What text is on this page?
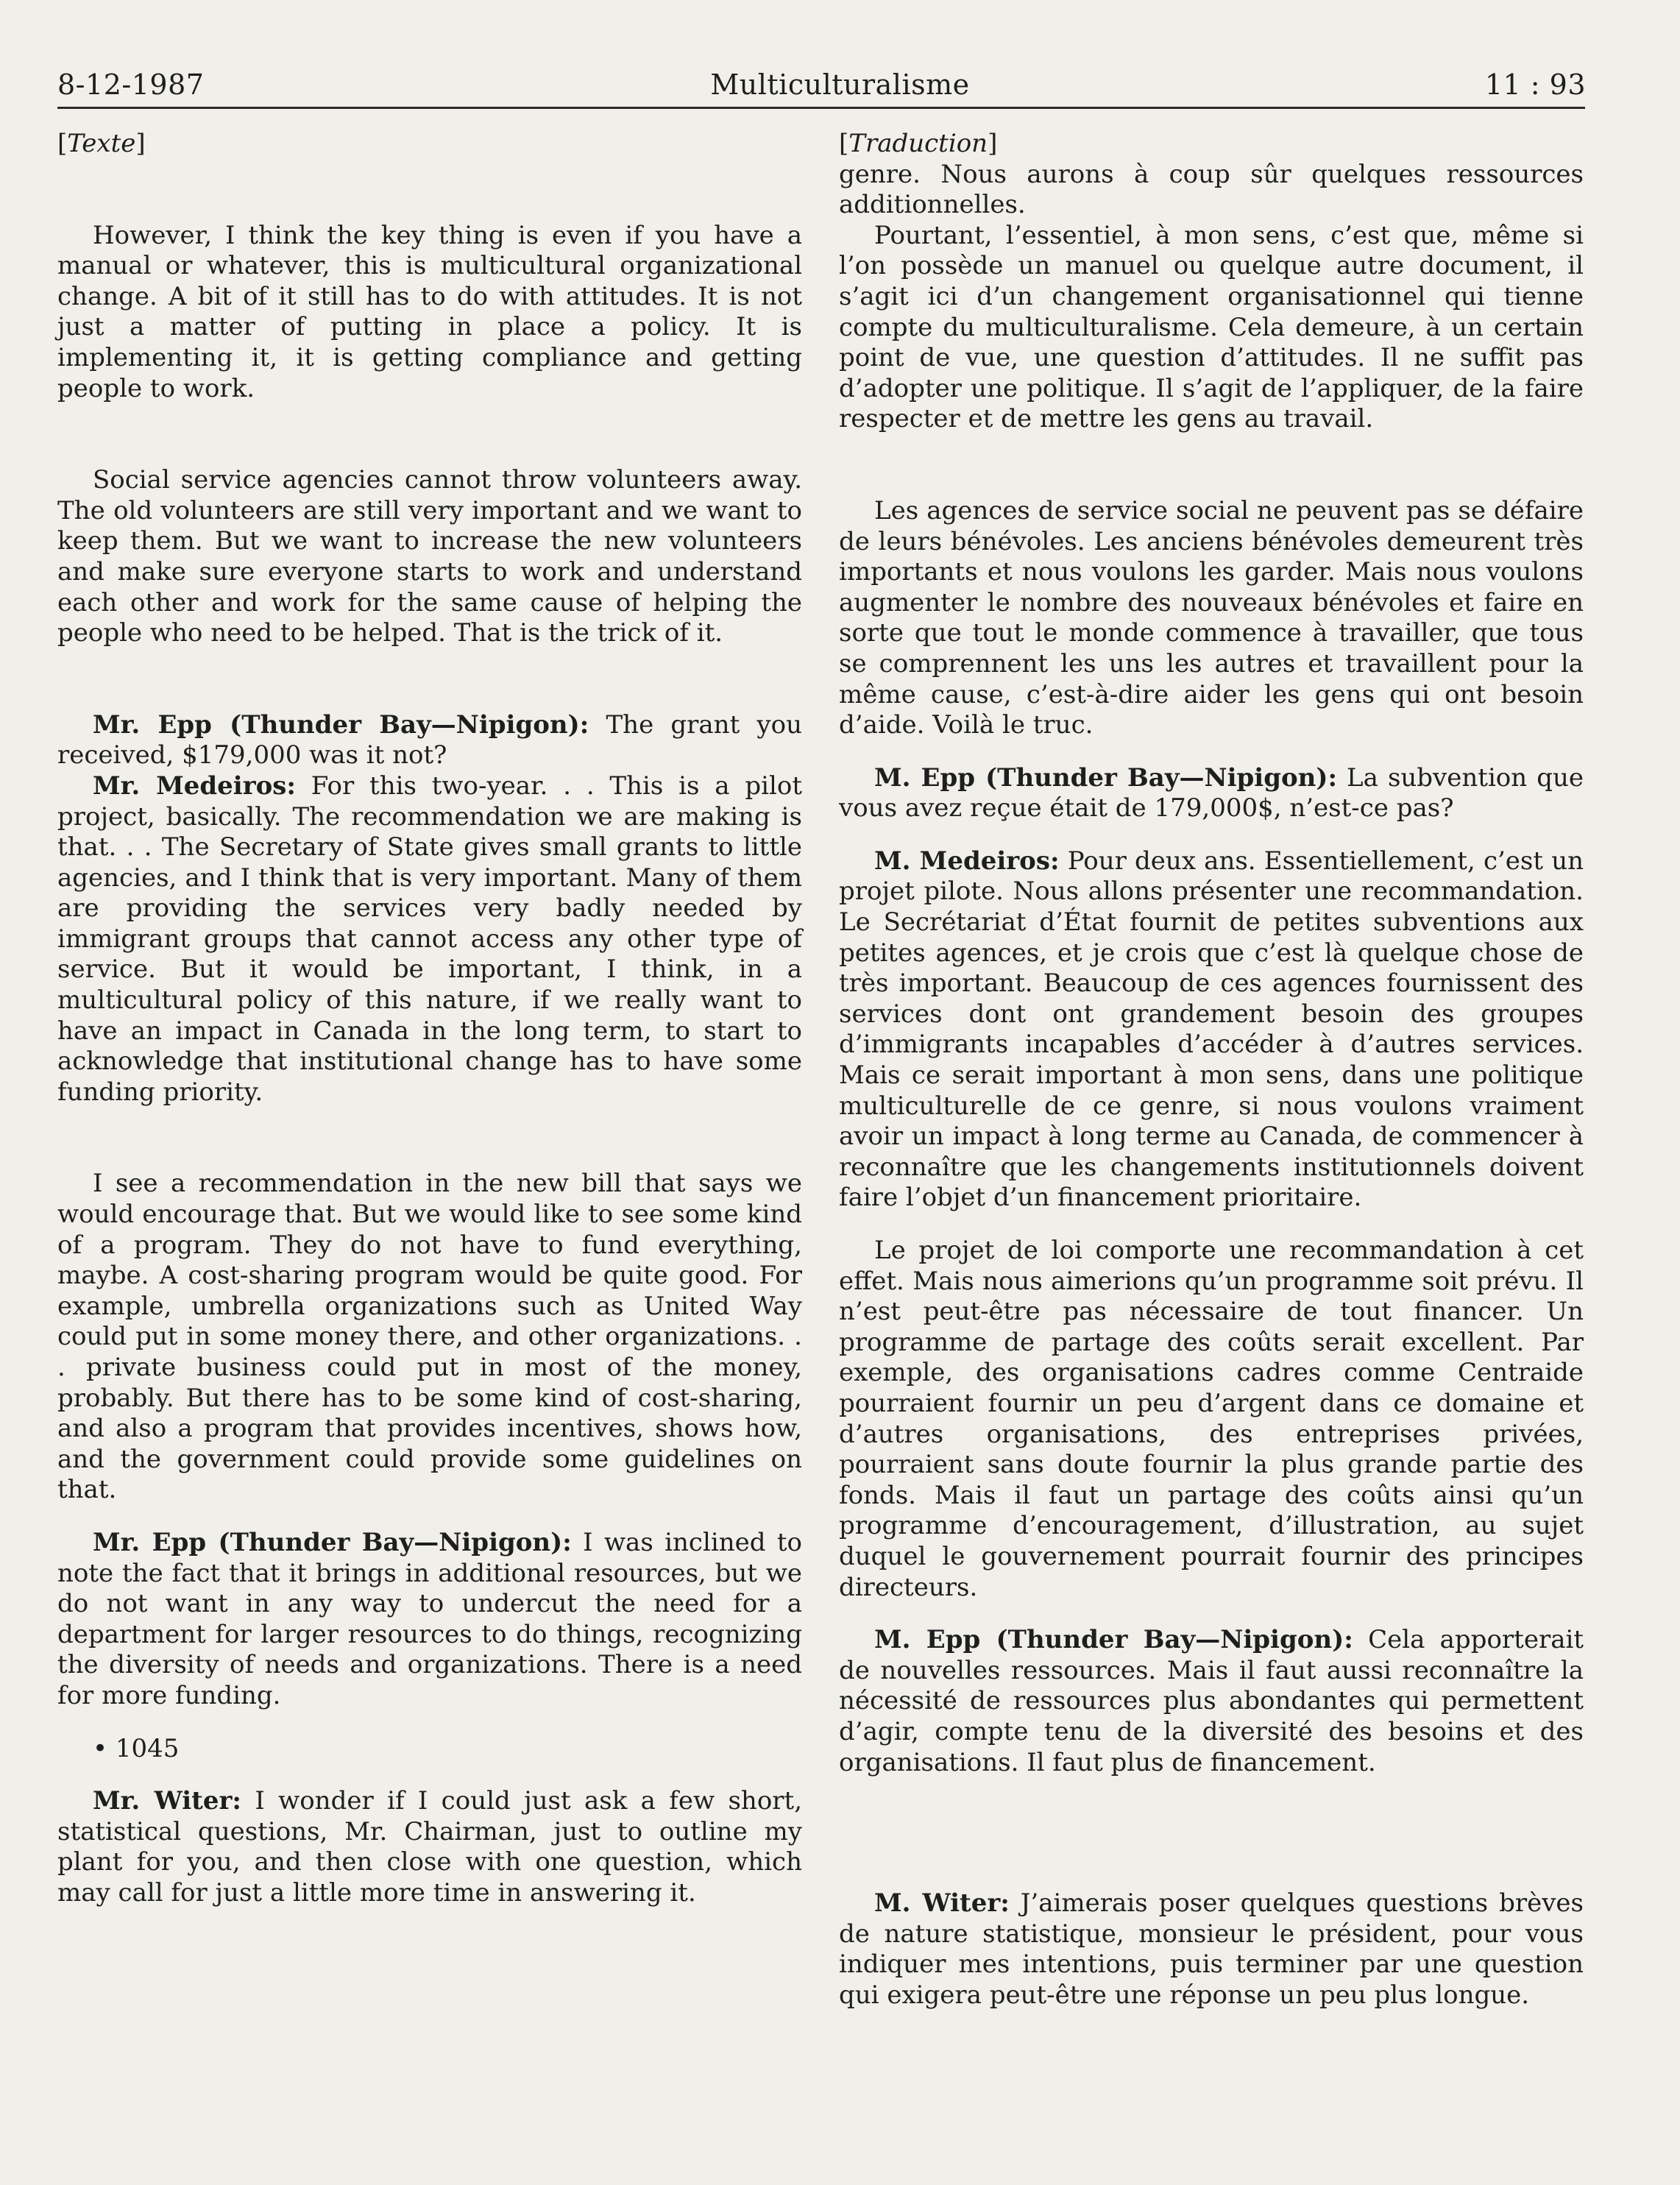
8-12-1987	Multiculturalisme	11 : 93
[Texte]

However, I think the key thing is even if you have a manual or whatever, this is multicultural organizational change. A bit of it still has to do with attitudes. It is not just a matter of putting in place a policy. It is implementing it, it is getting compliance and getting people to work.

Social service agencies cannot throw volunteers away. The old volunteers are still very important and we want to keep them. But we want to increase the new volunteers and make sure everyone starts to work and understand each other and work for the same cause of helping the people who need to be helped. That is the trick of it.

Mr. Epp (Thunder Bay—Nipigon): The grant you received, $179,000 was it not?

Mr. Medeiros: For this two-year. . . This is a pilot project, basically. The recommendation we are making is that. . . The Secretary of State gives small grants to little agencies, and I think that is very important. Many of them are providing the services very badly needed by immigrant groups that cannot access any other type of service. But it would be important, I think, in a multicultural policy of this nature, if we really want to have an impact in Canada in the long term, to start to acknowledge that institutional change has to have some funding priority.

I see a recommendation in the new bill that says we would encourage that. But we would like to see some kind of a program. They do not have to fund everything, maybe. A cost-sharing program would be quite good. For example, umbrella organizations such as United Way could put in some money there, and other organizations. . . private business could put in most of the money, probably. But there has to be some kind of cost-sharing, and also a program that provides incentives, shows how, and the government could provide some guidelines on that.

Mr. Epp (Thunder Bay—Nipigon): I was inclined to note the fact that it brings in additional resources, but we do not want in any way to undercut the need for a department for larger resources to do things, recognizing the diversity of needs and organizations. There is a need for more funding.

• 1045

Mr. Witer: I wonder if I could just ask a few short, statistical questions, Mr. Chairman, just to outline my plant for you, and then close with one question, which may call for just a little more time in answering it.

[Traduction]

genre. Nous aurons à coup sûr quelques ressources additionnelles.

Pourtant, l’essentiel, à mon sens, c’est que, même si l’on possède un manuel ou quelque autre document, il s’agit ici d’un changement organisationnel qui tienne compte du multiculturalisme. Cela demeure, à un certain point de vue, une question d’attitudes. Il ne suffit pas d’adopter une politique. Il s’agit de l’appliquer, de la faire respecter et de mettre les gens au travail.

Les agences de service social ne peuvent pas se défaire de leurs bénévoles. Les anciens bénévoles demeurent très importants et nous voulons les garder. Mais nous voulons augmenter le nombre des nouveaux bénévoles et faire en sorte que tout le monde commence à travailler, que tous se comprennent les uns les autres et travaillent pour la même cause, c’est-à-dire aider les gens qui ont besoin d’aide. Voilà le truc.

M. Epp (Thunder Bay—Nipigon): La subvention que vous avez reçue était de 179,000$, n’est-ce pas?

M. Medeiros: Pour deux ans. Essentiellement, c’est un projet pilote. Nous allons présenter une recommandation. Le Secrétariat d’État fournit de petites subventions aux petites agences, et je crois que c’est là quelque chose de très important. Beaucoup de ces agences fournissent des services dont ont grandement besoin des groupes d’immigrants incapables d’accéder à d’autres services. Mais ce serait important à mon sens, dans une politique multiculturelle de ce genre, si nous voulons vraiment avoir un impact à long terme au Canada, de commencer à reconnaître que les changements institutionnels doivent faire l’objet d’un financement prioritaire.

Le projet de loi comporte une recommandation à cet effet. Mais nous aimerions qu’un programme soit prévu. Il n’est peut-être pas nécessaire de tout financer. Un programme de partage des coûts serait excellent. Par exemple, des organisations cadres comme Centraide pourraient fournir un peu d’argent dans ce domaine et d’autres organisations, des entreprises privées, pourraient sans doute fournir la plus grande partie des fonds. Mais il faut un partage des coûts ainsi qu’un programme d’encouragement, d’illustration, au sujet duquel le gouvernement pourrait fournir des principes directeurs.

M. Epp (Thunder Bay—Nipigon): Cela apporterait de nouvelles ressources. Mais il faut aussi reconnaître la nécessité de ressources plus abondantes qui permettent d’agir, compte tenu de la diversité des besoins et des organisations. Il faut plus de financement.

M. Witer: J’aimerais poser quelques questions brèves de nature statistique, monsieur le président, pour vous indiquer mes intentions, puis terminer par une question qui exigera peut-être une réponse un peu plus longue.
